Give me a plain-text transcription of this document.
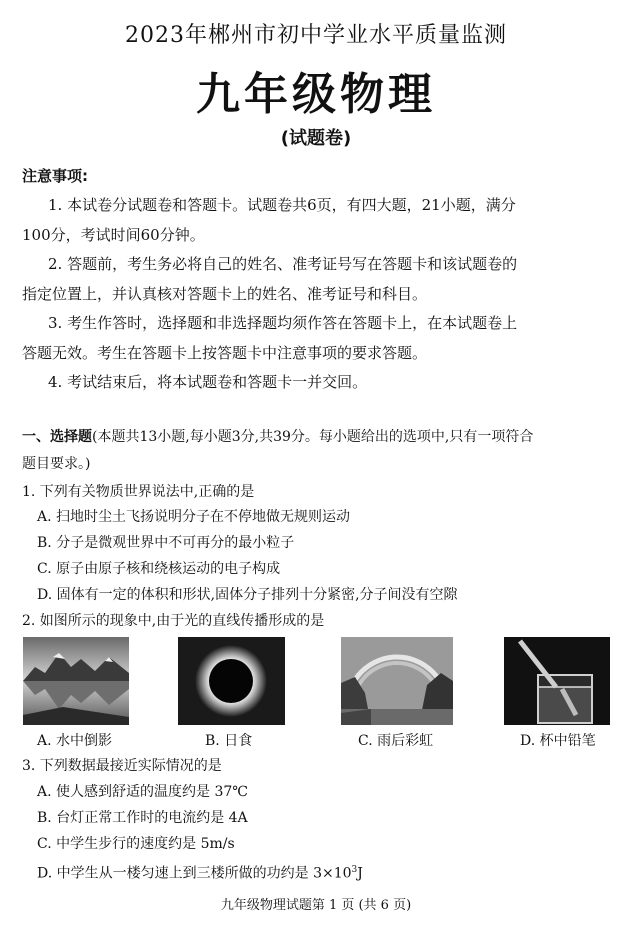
2023年郴州市初中学业水平质量监测
九年级物理
(试题卷)
注意事项:
1. 本试卷分试题卷和答题卡。试题卷共6页，有四大题，21小题，满分
100分，考试时间60分钟。
2. 答题前，考生务必将自己的姓名、准考证号写在答题卡和该试题卷的
指定位置上，并认真核对答题卡上的姓名、准考证号和科目。
3. 考生作答时，选择题和非选择题均须作答在答题卡上，在本试题卷上
答题无效。考生在答题卡上按答题卡中注意事项的要求答题。
4. 考试结束后，将本试题卷和答题卡一并交回。
一、选择题(本题共13小题,每小题3分,共39分。每小题给出的选项中,只有一项符合
题目要求。)
1. 下列有关物质世界说法中,正确的是
A. 扫地时尘土飞扬说明分子在不停地做无规则运动
B. 分子是微观世界中不可再分的最小粒子
C. 原子由原子核和绕核运动的电子构成
D. 固体有一定的体积和形状,固体分子排列十分紧密,分子间没有空隙
2. 如图所示的现象中,由于光的直线传播形成的是
A. 水中倒影	B. 日食	C. 雨后彩虹	D. 杯中铅笔
3. 下列数据最接近实际情况的是
A. 使人感到舒适的温度约是 37℃
B. 台灯正常工作时的电流约是 4A
C. 中学生步行的速度约是 5m/s
D. 中学生从一楼匀速上到三楼所做的功约是 $3\times 10^3J$
九年级物理试题第 1 页 (共 6 页)
